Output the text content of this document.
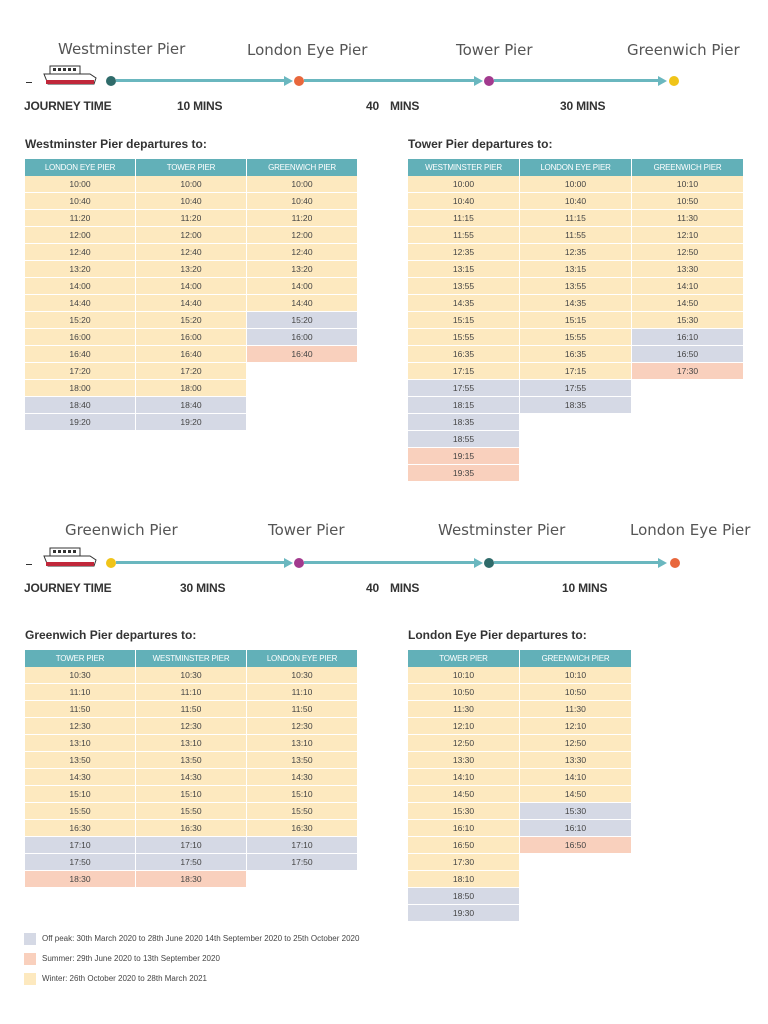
Westminster Pier	London Eye Pier	Tower Pier	Greenwich Pier
JOURNEY TIME	10 MINS	40 MINS	30 MINS
Westminster Pier departures to:
LONDON EYE PIER	TOWER PIER	GREENWICH PIER
10:00	10:00	10:00
10:40	10:40	10:40
11:20	11:20	11:20
12:00	12:00	12:00
12:40	12:40	12:40
13:20	13:20	13:20
14:00	14:00	14:00
14:40	14:40	14:40
15:20	15:20	15:20
16:00	16:00	16:00
16:40	16:40	16:40
17:20	17:20	
18:00	18:00	
18:40	18:40	
19:20	19:20	
Tower Pier departures to:
WESTMINSTER PIER	LONDON EYE PIER	GREENWICH PIER
10:00	10:00	10:10
10:40	10:40	10:50
11:15	11:15	11:30
11:55	11:55	12:10
12:35	12:35	12:50
13:15	13:15	13:30
13:55	13:55	14:10
14:35	14:35	14:50
15:15	15:15	15:30
15:55	15:55	16:10
16:35	16:35	16:50
17:15	17:15	17:30
17:55	17:55	
18:15	18:35	
18:35		
18:55		
19:15		
19:35		
Greenwich Pier	Tower Pier	Westminster Pier	London Eye Pier
JOURNEY TIME	30 MINS	40 MINS	10 MINS
Greenwich Pier departures to:
TOWER PIER	WESTMINSTER PIER	LONDON EYE PIER
10:30	10:30	10:30
11:10	11:10	11:10
11:50	11:50	11:50
12:30	12:30	12:30
13:10	13:10	13:10
13:50	13:50	13:50
14:30	14:30	14:30
15:10	15:10	15:10
15:50	15:50	15:50
16:30	16:30	16:30
17:10	17:10	17:10
17:50	17:50	17:50
18:30	18:30	
London Eye Pier departures to:
TOWER PIER	GREENWICH PIER
10:10	10:10
10:50	10:50
11:30	11:30
12:10	12:10
12:50	12:50
13:30	13:30
14:10	14:10
14:50	14:50
15:30	15:30
16:10	16:10
16:50	16:50
17:30	
18:10	
18:50	
19:30	
Off peak: 30th March 2020 to 28th June 2020 14th September 2020 to 25th October 2020
Summer: 29th June 2020 to 13th September 2020
Winter: 26th October 2020 to 28th March 2021
